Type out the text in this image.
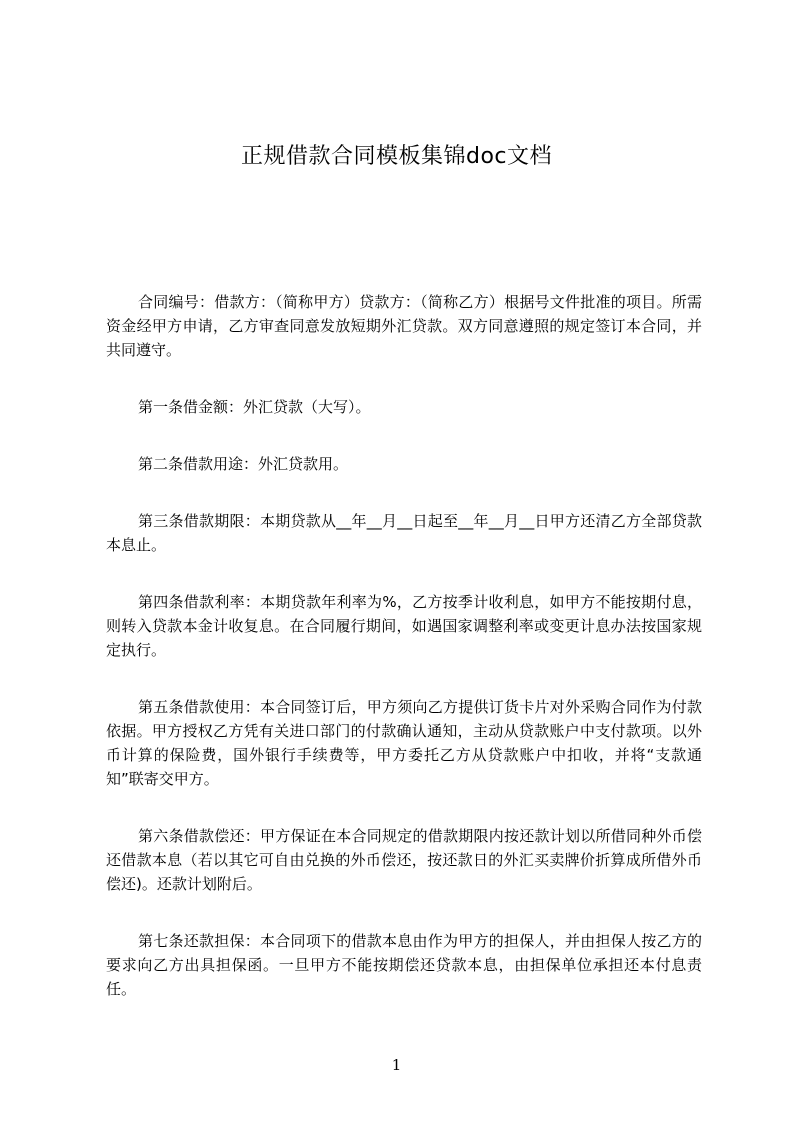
正规借款合同模板集锦doc文档

合同编号：借款方：（简称甲方）贷款方：（简称乙方）根据号文件批准的项目。所需资金经甲方申请，乙方审查同意发放短期外汇贷款。双方同意遵照的规定签订本合同，并共同遵守。

第一条借金额：外汇贷款（大写）。

第二条借款用途：外汇贷款用。

第三条借款期限：本期贷款从__年__月__日起至__年__月__日甲方还清乙方全部贷款本息止。

第四条借款利率：本期贷款年利率为%，乙方按季计收利息，如甲方不能按期付息，则转入贷款本金计收复息。在合同履行期间，如遇国家调整利率或变更计息办法按国家规定执行。

第五条借款使用：本合同签订后，甲方须向乙方提供订货卡片对外采购合同作为付款依据。甲方授权乙方凭有关进口部门的付款确认通知，主动从贷款账户中支付款项。以外币计算的保险费，国外银行手续费等，甲方委托乙方从贷款账户中扣收，并将“支款通知”联寄交甲方。

第六条借款偿还：甲方保证在本合同规定的借款期限内按还款计划以所借同种外币偿还借款本息（若以其它可自由兑换的外币偿还，按还款日的外汇买卖牌价折算成所借外币偿还)。还款计划附后。

第七条还款担保：本合同项下的借款本息由作为甲方的担保人，并由担保人按乙方的要求向乙方出具担保函。一旦甲方不能按期偿还贷款本息，由担保单位承担还本付息责任。

1
